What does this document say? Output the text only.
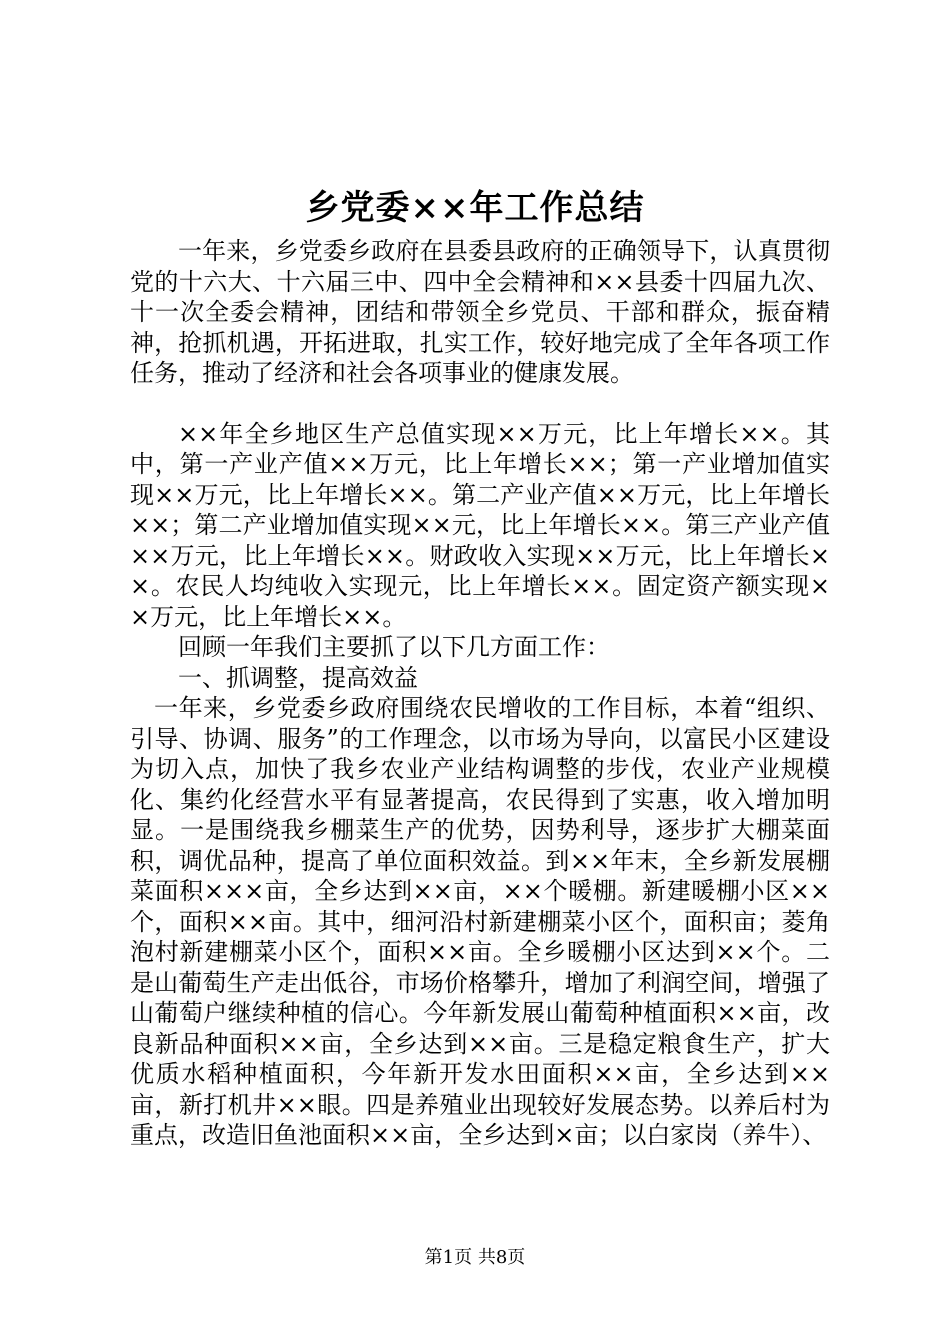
乡党委××年工作总结

一年来，乡党委乡政府在县委县政府的正确领导下，认真贯彻党的十六大、十六届三中、四中全会精神和××县委十四届九次、十一次全委会精神，团结和带领全乡党员、干部和群众，振奋精神，抢抓机遇，开拓进取，扎实工作，较好地完成了全年各项工作任务，推动了经济和社会各项事业的健康发展。

××年全乡地区生产总值实现××万元，比上年增长××。其中，第一产业产值××万元，比上年增长××；第一产业增加值实现××万元，比上年增长××。第二产业产值××万元，比上年增长××；第二产业增加值实现××元，比上年增长××。第三产业产值××万元，比上年增长××。财政收入实现××万元，比上年增长××。农民人均纯收入实现元，比上年增长××。固定资产额实现××万元，比上年增长××。

回顾一年我们主要抓了以下几方面工作：

一、抓调整，提高效益

一年来，乡党委乡政府围绕农民增收的工作目标，本着“组织、引导、协调、服务”的工作理念，以市场为导向，以富民小区建设为切入点，加快了我乡农业产业结构调整的步伐，农业产业规模化、集约化经营水平有显著提高，农民得到了实惠，收入增加明显。一是围绕我乡棚菜生产的优势，因势利导，逐步扩大棚菜面积，调优品种，提高了单位面积效益。到××年末，全乡新发展棚菜面积×××亩，全乡达到××亩，××个暖棚。新建暖棚小区××个，面积××亩。其中，细河沿村新建棚菜小区个，面积亩；菱角泡村新建棚菜小区个，面积××亩。全乡暖棚小区达到××个。二是山葡萄生产走出低谷，市场价格攀升，增加了利润空间，增强了山葡萄户继续种植的信心。今年新发展山葡萄种植面积××亩，改良新品种面积××亩，全乡达到××亩。三是稳定粮食生产，扩大优质水稻种植面积，今年新开发水田面积××亩，全乡达到××亩，新打机井××眼。四是养殖业出现较好发展态势。以养后村为重点，改造旧鱼池面积××亩，全乡达到×亩；以白家岗（养牛）、

第1页 共8页
